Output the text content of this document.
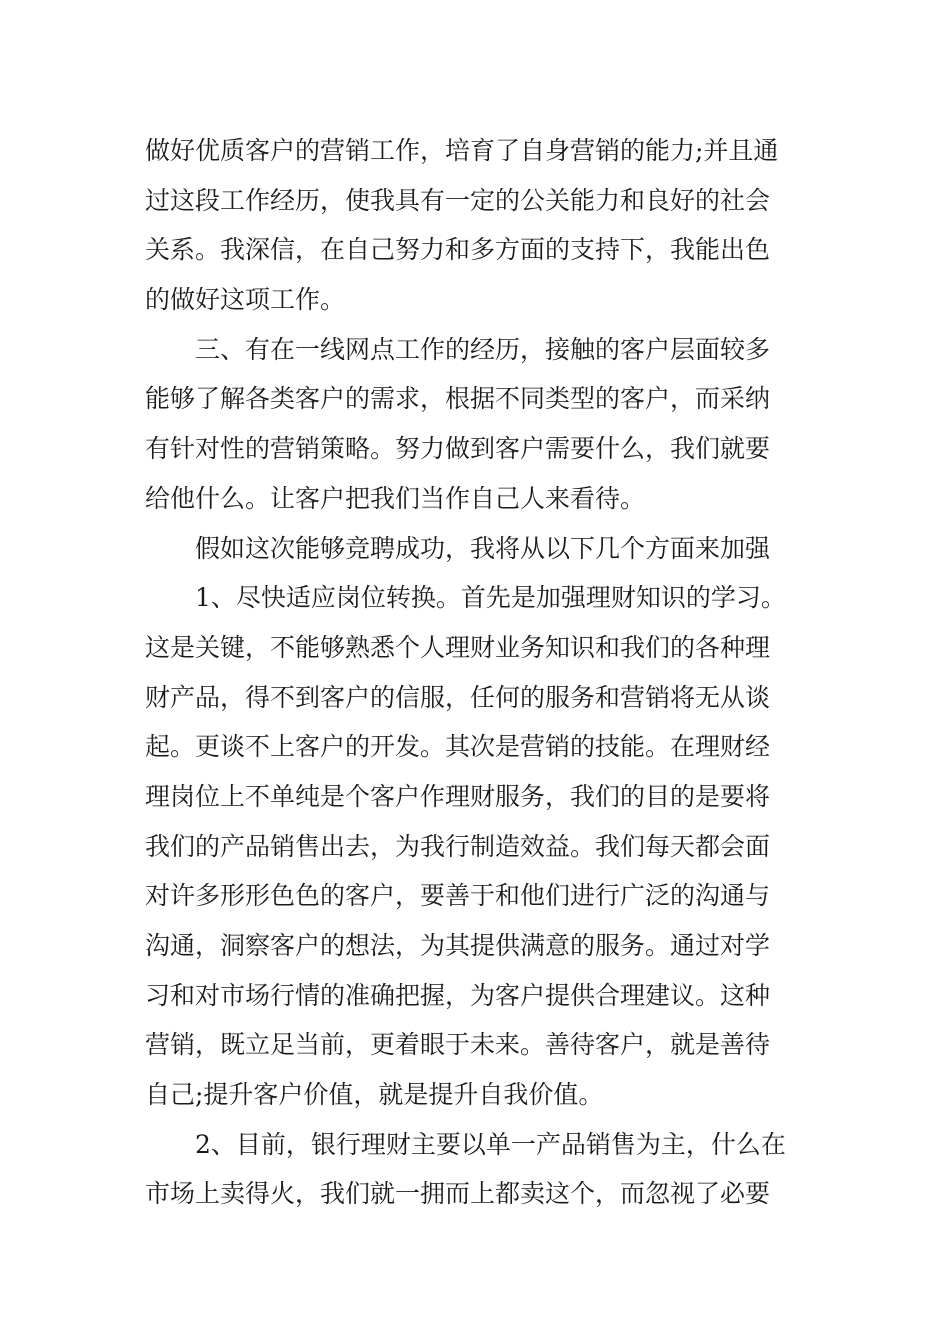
做好优质客户的营销工作，培育了自身营销的能力;并且通
过这段工作经历，使我具有一定的公关能力和良好的社会
关系。我深信，在自己努力和多方面的支持下，我能出色
的做好这项工作。
三、有在一线网点工作的经历，接触的客户层面较多
能够了解各类客户的需求，根据不同类型的客户，而采纳
有针对性的营销策略。努力做到客户需要什么，我们就要
给他什么。让客户把我们当作自己人来看待。
假如这次能够竞聘成功，我将从以下几个方面来加强
1、尽快适应岗位转换。首先是加强理财知识的学习。
这是关键，不能够熟悉个人理财业务知识和我们的各种理
财产品，得不到客户的信服，任何的服务和营销将无从谈
起。更谈不上客户的开发。其次是营销的技能。在理财经
理岗位上不单纯是个客户作理财服务，我们的目的是要将
我们的产品销售出去，为我行制造效益。我们每天都会面
对许多形形色色的客户，要善于和他们进行广泛的沟通与
沟通，洞察客户的想法，为其提供满意的服务。通过对学
习和对市场行情的准确把握，为客户提供合理建议。这种
营销，既立足当前，更着眼于未来。善待客户，就是善待
自己;提升客户价值，就是提升自我价值。
2、目前，银行理财主要以单一产品销售为主，什么在
市场上卖得火，我们就一拥而上都卖这个，而忽视了必要
